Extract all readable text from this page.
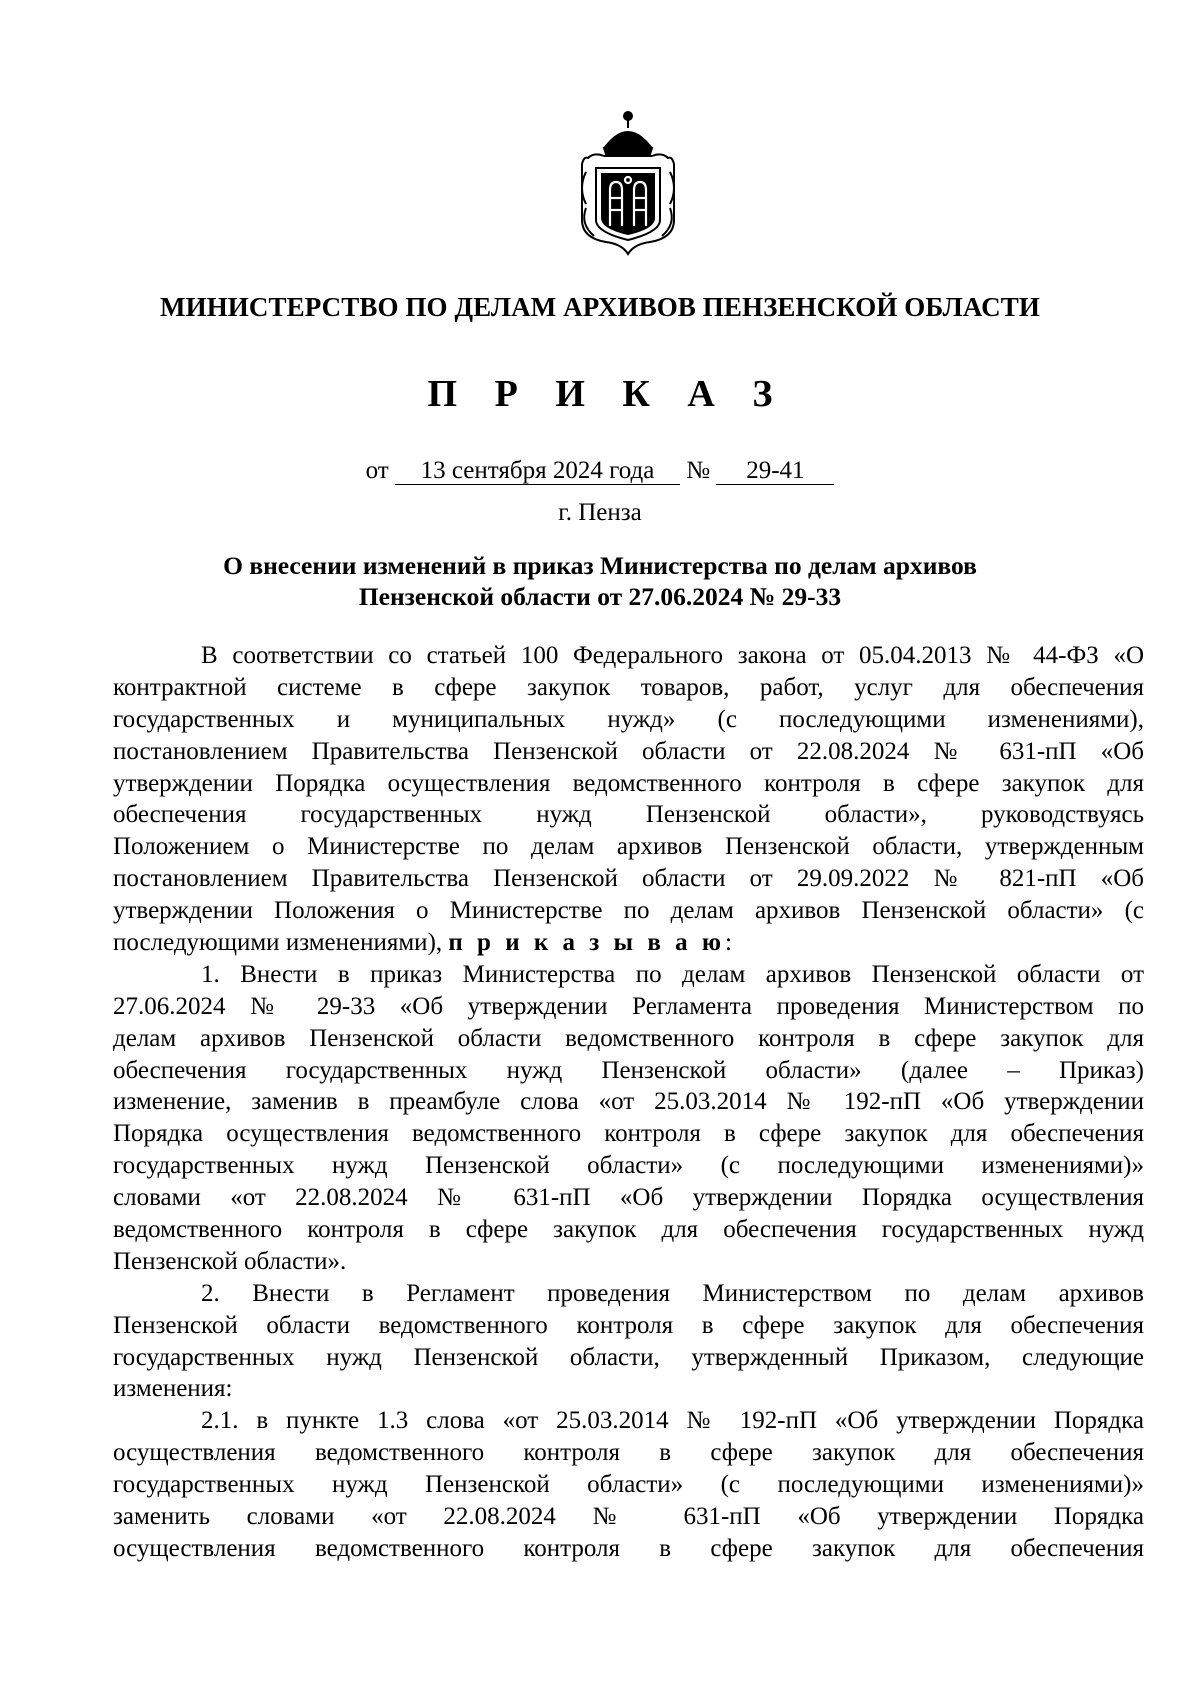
МИНИСТЕРСТВО ПО ДЕЛАМ АРХИВОВ ПЕНЗЕНСКОЙ ОБЛАСТИ
П Р И К А З
от 13 сентября 2024 года № 29-41
г. Пенза
О внесении изменений в приказ Министерства по делам архивов
Пензенской области от 27.06.2024 № 29-33
В соответствии со статьей 100 Федерального закона от 05.04.2013 № 44-ФЗ «О
контрактной системе в сфере закупок товаров, работ, услуг для обеспечения
государственных и муниципальных нужд» (с последующими изменениями),
постановлением Правительства Пензенской области от 22.08.2024 № 631-пП «Об
утверждении Порядка осуществления ведомственного контроля в сфере закупок для
обеспечения государственных нужд Пензенской области», руководствуясь
Положением о Министерстве по делам архивов Пензенской области, утвержденным
постановлением Правительства Пензенской области от 29.09.2022 № 821-пП «Об
утверждении Положения о Министерстве по делам архивов Пензенской области» (с
последующими изменениями), п р и к а з ы в а ю:
1. Внести в приказ Министерства по делам архивов Пензенской области от
27.06.2024 № 29-33 «Об утверждении Регламента проведения Министерством по
делам архивов Пензенской области ведомственного контроля в сфере закупок для
обеспечения государственных нужд Пензенской области» (далее – Приказ)
изменение, заменив в преамбуле слова «от 25.03.2014 № 192-пП «Об утверждении
Порядка осуществления ведомственного контроля в сфере закупок для обеспечения
государственных нужд Пензенской области» (с последующими изменениями)»
словами «от 22.08.2024 № 631-пП «Об утверждении Порядка осуществления
ведомственного контроля в сфере закупок для обеспечения государственных нужд
Пензенской области».
2. Внести в Регламент проведения Министерством по делам архивов
Пензенской области ведомственного контроля в сфере закупок для обеспечения
государственных нужд Пензенской области, утвержденный Приказом, следующие
изменения:
2.1. в пункте 1.3 слова «от 25.03.2014 № 192-пП «Об утверждении Порядка
осуществления ведомственного контроля в сфере закупок для обеспечения
государственных нужд Пензенской области» (с последующими изменениями)»
заменить словами «от 22.08.2024 № 631-пП «Об утверждении Порядка
осуществления ведомственного контроля в сфере закупок для обеспечения
